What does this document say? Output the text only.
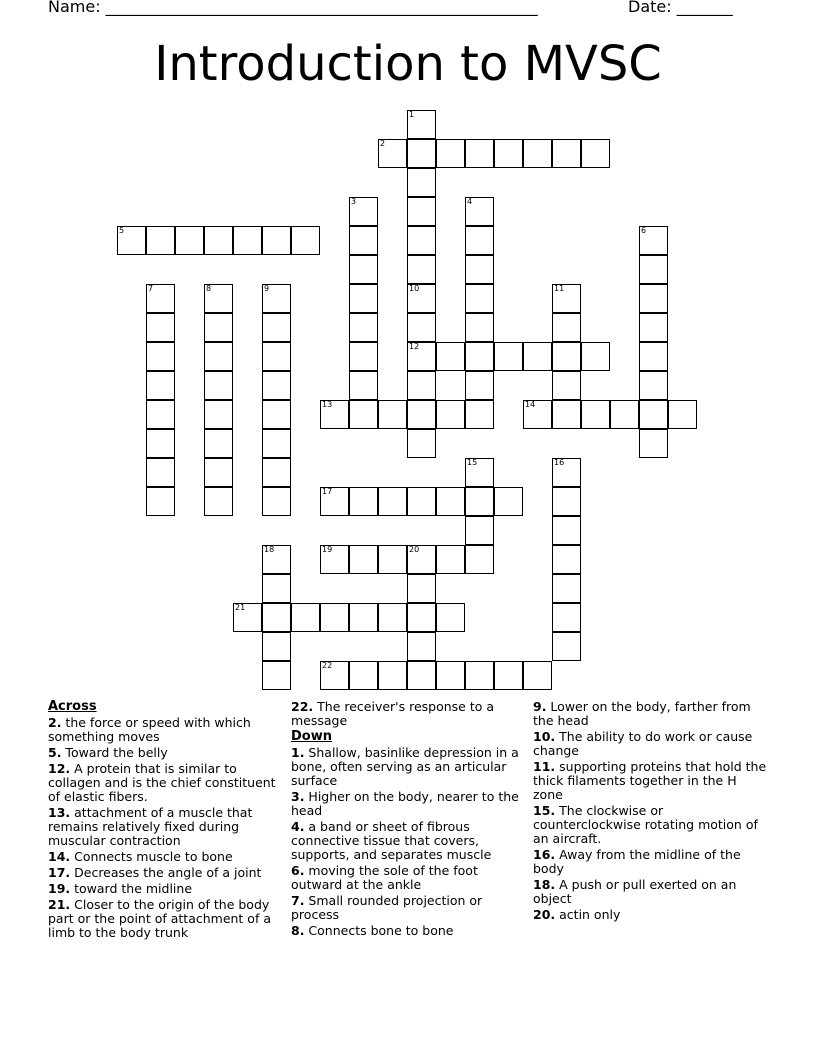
Name: ______________________________________________________	Date: _______
Introduction to MVSC
1
2
3	4
5	6
7	8	9	10
12
11
13	14
15	16
17
18	19	20
21
22
Across
2. the force or speed with which something moves
5. Toward the belly
12. A protein that is similar to collagen and is the chief constituent of elastic fibers.
13. attachment of a muscle that remains relatively fixed during muscular contraction
14. Connects muscle to bone
17. Decreases the angle of a joint
19. toward the midline
21. Closer to the origin of the body part or the point of attachment of a limb to the body trunk
22. The receiver's response to a message
Down
1. Shallow, basinlike depression in a bone, often serving as an articular surface
3. Higher on the body, nearer to the head
4. a band or sheet of fibrous connective tissue that covers, supports, and separates muscle
6. moving the sole of the foot outward at the ankle
7. Small rounded projection or process
8. Connects bone to bone
9. Lower on the body, farther from the head
10. The ability to do work or cause change
11. supporting proteins that hold the thick filaments together in the H zone
15. The clockwise or counterclockwise rotating motion of an aircraft.
16. Away from the midline of the body
18. A push or pull exerted on an object
20. actin only
